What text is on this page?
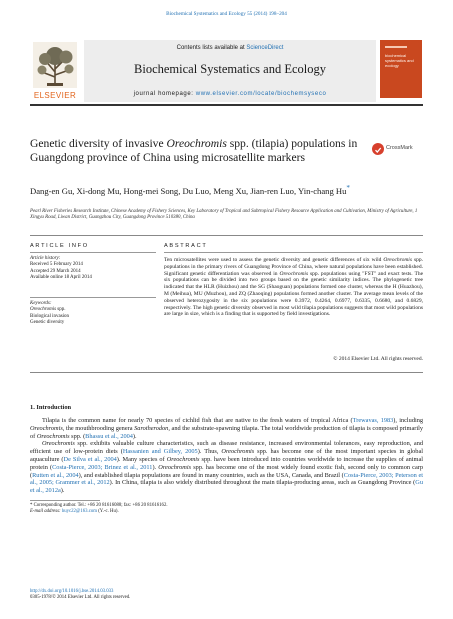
Biochemical Systematics and Ecology 55 (2014) 198–204
ELSEVIER
Contents lists available at ScienceDirect
Biochemical Systematics and Ecology
journal homepage: www.elsevier.com/locate/biochemsyseco
biochemical systematics and ecology
Genetic diversity of invasive Oreochromis spp. (tilapia) populations in Guangdong province of China using microsatellite markers
CrossMark
Dang-en Gu, Xi-dong Mu, Hong-mei Song, Du Luo, Meng Xu, Jian-ren Luo, Yin-chang Hu*
Pearl River Fisheries Research Institute, Chinese Academy of Fishery Sciences, Key Laboratory of Tropical and Subtropical Fishery Resource Application and Cultivation, Ministry of Agriculture, 1 Xingyu Road, Liwan District, Guangzhou City, Guangdong Province 510380, China
ARTICLE INFO	ABSTRACT
Article history:
Received 5 February 2014
Accepted 29 March 2014
Available online 18 April 2014
Keywords:
Oreochromis spp.
Biological invasion
Genetic diversity
Ten microsatellites were used to assess the genetic diversity and genetic differences of six wild Oreochromis spp. populations in the primary rivers of Guangdong Province of China, where natural populations have been established. Significant genetic differentiation was observed in Oreochromis spp. populations using "FST" and exact tests. The six populations can be divided into two groups based on the genetic similarity indices. The phylogenetic tree indicated that the HLR (Huizhou) and the SG (Shaoguan) populations formed one cluster, whereas the H (Huazhou), M (Meihua), MU (Muzhou), and ZQ (Zhaoqing) populations formed another cluster. The average mean levels of the observed heterozygosity in the six populations were 0.3972, 0.4264, 0.6977, 0.6335, 0.6680, and 0.6829, respectively. The high genetic diversity observed in most wild tilapia populations suggests that most wild populations are large in size, which is a finding that is supported by field investigations.
© 2014 Elsevier Ltd. All rights reserved.
1. Introduction

Tilapia is the common name for nearly 70 species of cichlid fish that are native to the fresh waters of tropical Africa (Trewavas, 1983), including Oreochromis, the mouthbrooding genera Sarotherodon, and the substrate-spawning tilapia. The total worldwide production of tilapia is composed primarily of Oreochromis spp. (Bhassu et al., 2004).

Oreochromis spp. exhibits valuable culture characteristics, such as disease resistance, increased environmental tolerances, easy reproduction, and efficient use of low-protein diets (Hassanien and Gilbey, 2005). Thus, Oreochromis spp. has become one of the most important species in global aquaculture (De Silva et al., 2004). Many species of Oreochromis spp. have been introduced into countries worldwide to increase the supplies of animal protein (Costa-Pierce, 2003; Brinez et al., 2011). Oreochromis spp. has become one of the most widely found exotic fish, second only to common carp (Rutten et al., 2004), and established tilapia populations are found in many countries, such as the USA, Canada, and Brazil (Costa-Pierce, 2003; Peterson et al., 2005; Grammer et al., 2012). In China, tilapia is also widely distributed throughout the main tilapia-producing areas, such as Guangdong Province (Gu et al., 2012a).

* Corresponding author. Tel.: +86 20 81616088; fax: +86 20 81616162.
E-mail address: huyc22@163.com (Y.-c. Hu).
http://dx.doi.org/10.1016/j.bse.2014.03.033
0305-1978/© 2014 Elsevier Ltd. All rights reserved.
